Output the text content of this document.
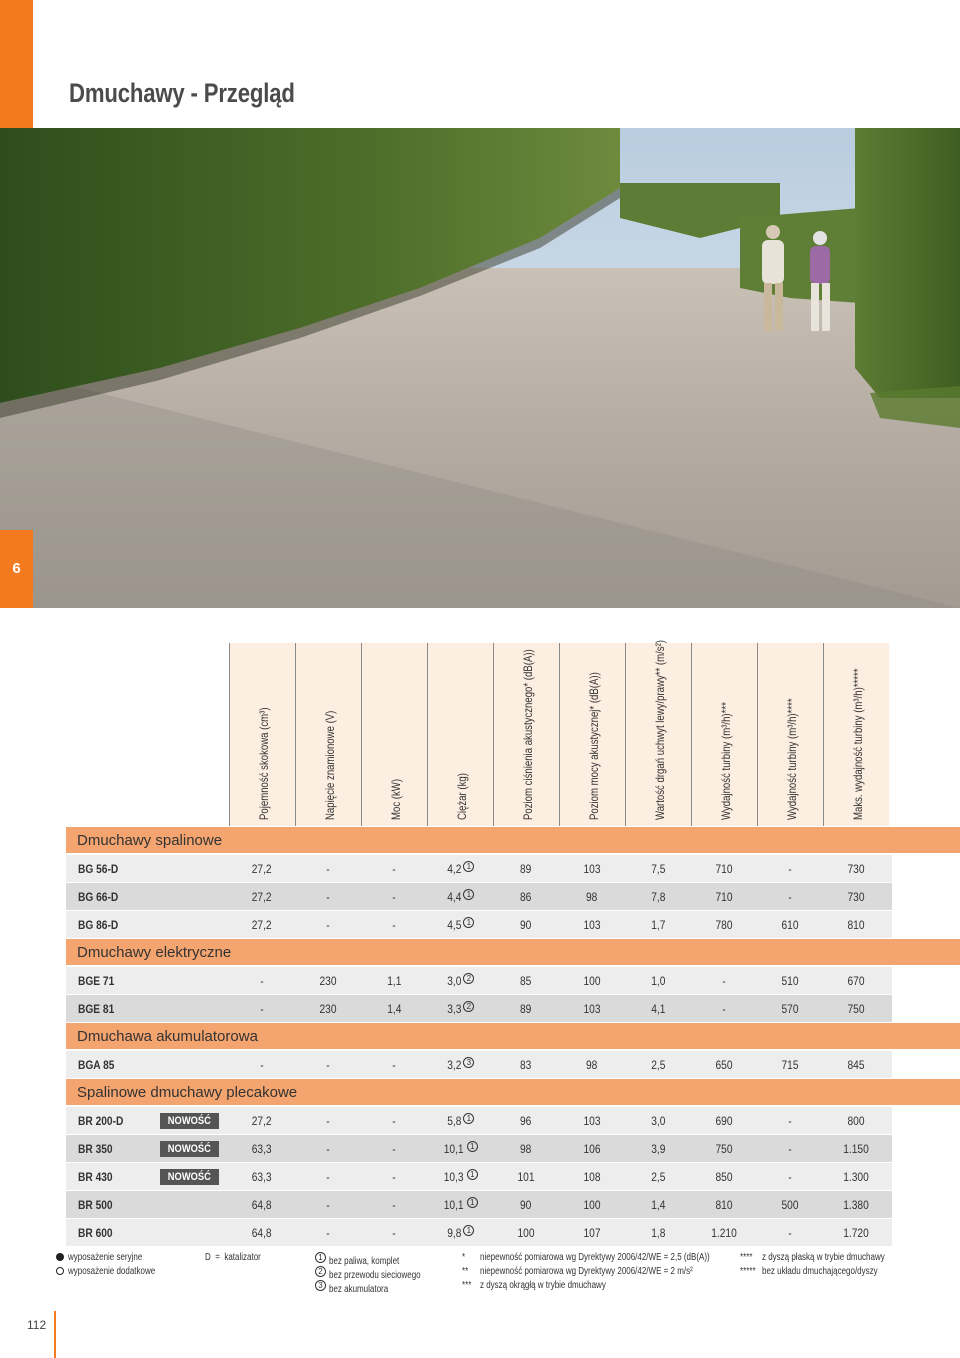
Dmuchawy - Przegląd
6
Pojemność skokowa (cm³)	Napięcie znamionowe (V)	Moc (kW)	Ciężar (kg)	Poziom ciśnienia akustycznego* (dB(A))	Poziom mocy akustycznej* (dB(A))	Wartość drgań uchwyt lewy/prawy** (m/s²)	Wydajność turbiny (m³/h)***	Wydajność turbiny (m³/h)****	Maks. wydajność turbiny (m³/h)*****
Dmuchawy spalinowe
BG 56-D	27,2	-	-	4,2 1	89	103	7,5	710	-	730
BG 66-D	27,2	-	-	4,4 1	86	98	7,8	710	-	730
BG 86-D	27,2	-	-	4,5 1	90	103	1,7	780	610	810
Dmuchawy elektryczne
BGE 71	-	230	1,1	3,0 2	85	100	1,0	-	510	670
BGE 81	-	230	1,4	3,3 2	89	103	4,1	-	570	750
Dmuchawa akumulatorowa
BGA 85	-	-	-	3,2 3	83	98	2,5	650	715	845
Spalinowe dmuchawy plecakowe
BR 200-D	NOWOŚĆ	27,2	-	-	5,8 1	96	103	3,0	690	-	800
BR 350	NOWOŚĆ	63,3	-	-	10,1 1	98	106	3,9	750	-	1.150
BR 430	NOWOŚĆ	63,3	-	-	10,3 1	101	108	2,5	850	-	1.300
BR 500	64,8	-	-	10,1 1	90	100	1,4	810	500	1.380
BR 600	64,8	-	-	9,8 1	100	107	1,8	1.210	-	1.720
wyposażenie seryjne
wyposażenie dodatkowe
D = katalizator	1 bez paliwa, komplet
2 bez przewodu sieciowego
3 bez akumulatora
* niepewność pomiarowa wg Dyrektywy 2006/42/WE = 2,5 (dB(A))
** niepewność pomiarowa wg Dyrektywy 2006/42/WE = 2 m/s²
*** z dyszą okrągłą w trybie dmuchawy
**** z dyszą płaską w trybie dmuchawy
***** bez układu dmuchającego/dyszy
112
